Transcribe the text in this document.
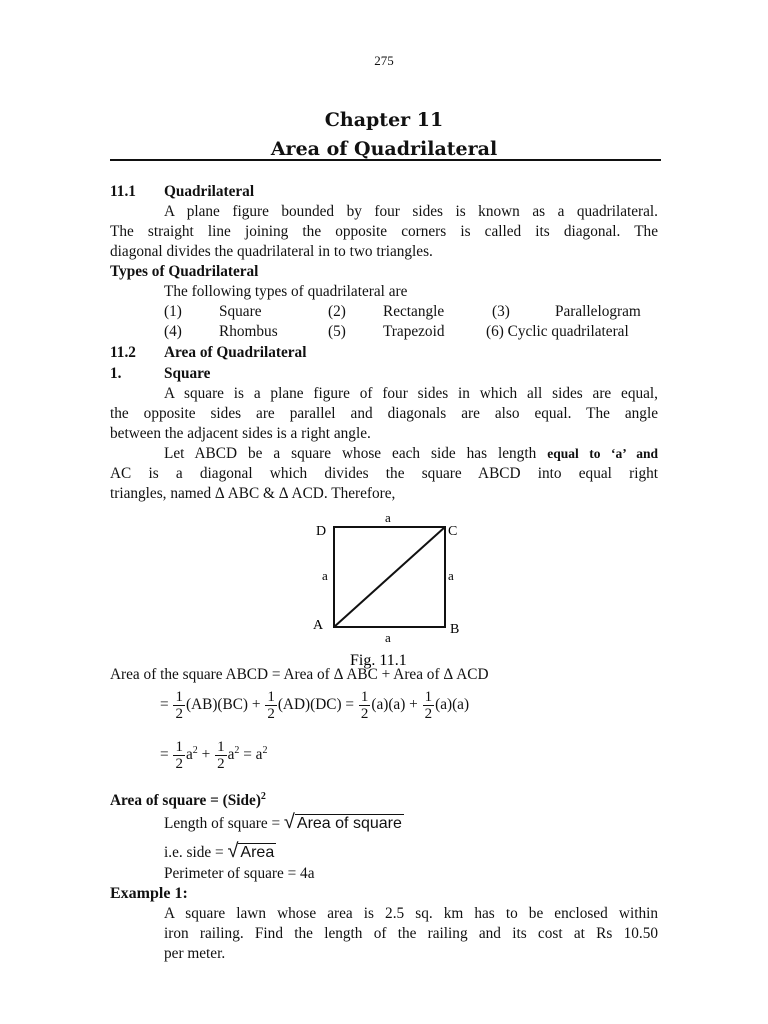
275
Chapter 11
Area of Quadrilateral
11.1 Quadrilateral
A plane figure bounded by four sides is known as a quadrilateral.
The straight line joining the opposite corners is called its diagonal. The
diagonal divides the quadrilateral in to two triangles.
Types of Quadrilateral
The following types of quadrilateral are
(1)	Square	(2)	Rectangle	(3)	Parallelogram
(4)	Rhombus	(5)	Trapezoid	(6) Cyclic quadrilateral
11.2 Area of Quadrilateral
1.	Square
A square is a plane figure of four sides in which all sides are equal,
the opposite sides are parallel and diagonals are also equal. The angle
between the adjacent sides is a right angle.
Let ABCD be a square whose each side has length equal to ‘a’ and
AC is a diagonal which divides the square ABCD into equal right
triangles, named Δ ABC & Δ ACD. Therefore,
D	C
A	B
a
a	a
a
Fig. 11.1
Area of the square ABCD = Area of Δ ABC + Area of Δ ACD
= $\frac{1}{2} (AB)(BC) + \frac{1}{2} (AD)(DC) = \frac{1}{2} (a)(a) + \frac{1}{2} (a)(a)$
= $\frac{1}{2} a^2 + \frac{1}{2} a^2 = a^2$
Area of square = (Side)$^2$
Length of square = √ Area of square
i.e. side = √ Area
Perimeter of square = 4a
Example 1:
A square lawn whose area is 2.5 sq. km has to be enclosed within
iron railing. Find the length of the railing and its cost at Rs 10.50
per meter.
